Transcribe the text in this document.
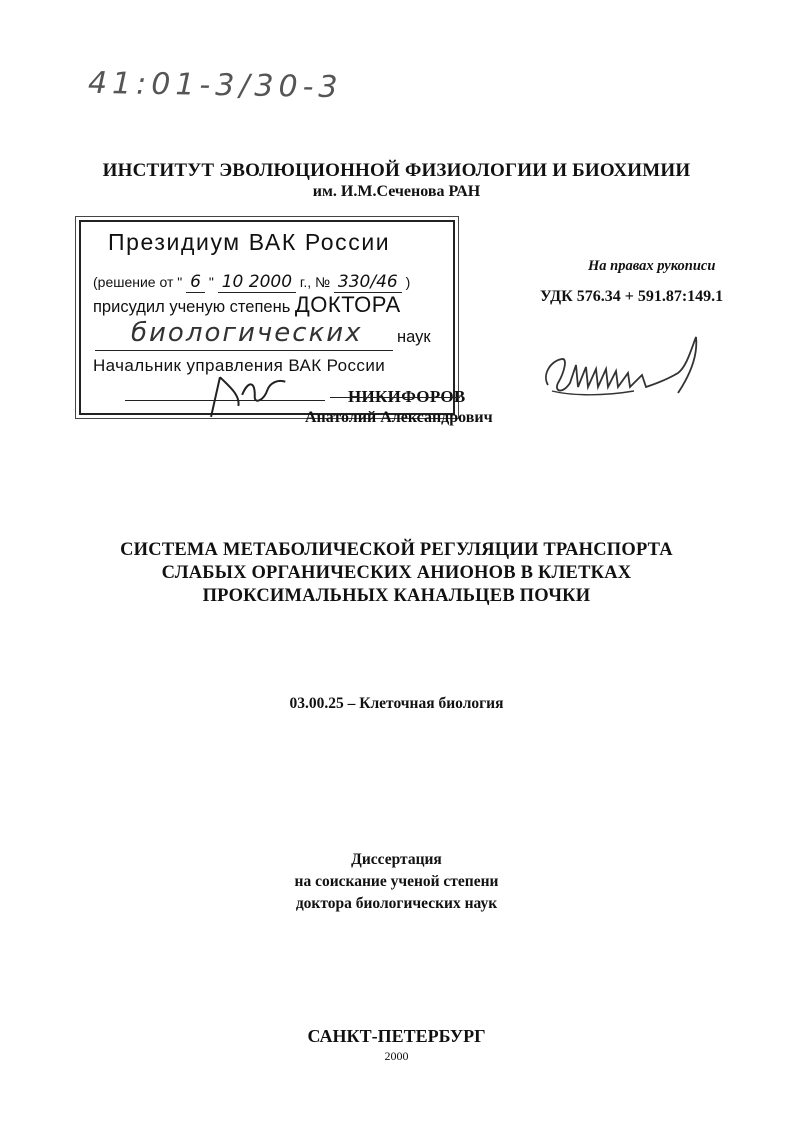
41:01-3/30-3
ИНСТИТУТ ЭВОЛЮЦИОННОЙ ФИЗИОЛОГИИ И БИОХИМИИ
им. И.М.Сеченова РАН
Президиум ВАК России
(решение от " 6 " 10 2000 г., № 330/46 )
присудил ученую степень ДОКТОРА
биологических наук
Начальник управления ВАК России
На правах рукописи
УДК 576.34 + 591.87:149.1
НИКИФОРОВ
Анатолий Александрович
СИСТЕМА МЕТАБОЛИЧЕСКОЙ РЕГУЛЯЦИИ ТРАНСПОРТА
СЛАБЫХ ОРГАНИЧЕСКИХ АНИОНОВ В КЛЕТКАХ
ПРОКСИМАЛЬНЫХ КАНАЛЬЦЕВ ПОЧКИ
03.00.25 – Клеточная биология
Диссертация
на соискание ученой степени
доктора биологических наук
САНКТ-ПЕТЕРБУРГ
2000
